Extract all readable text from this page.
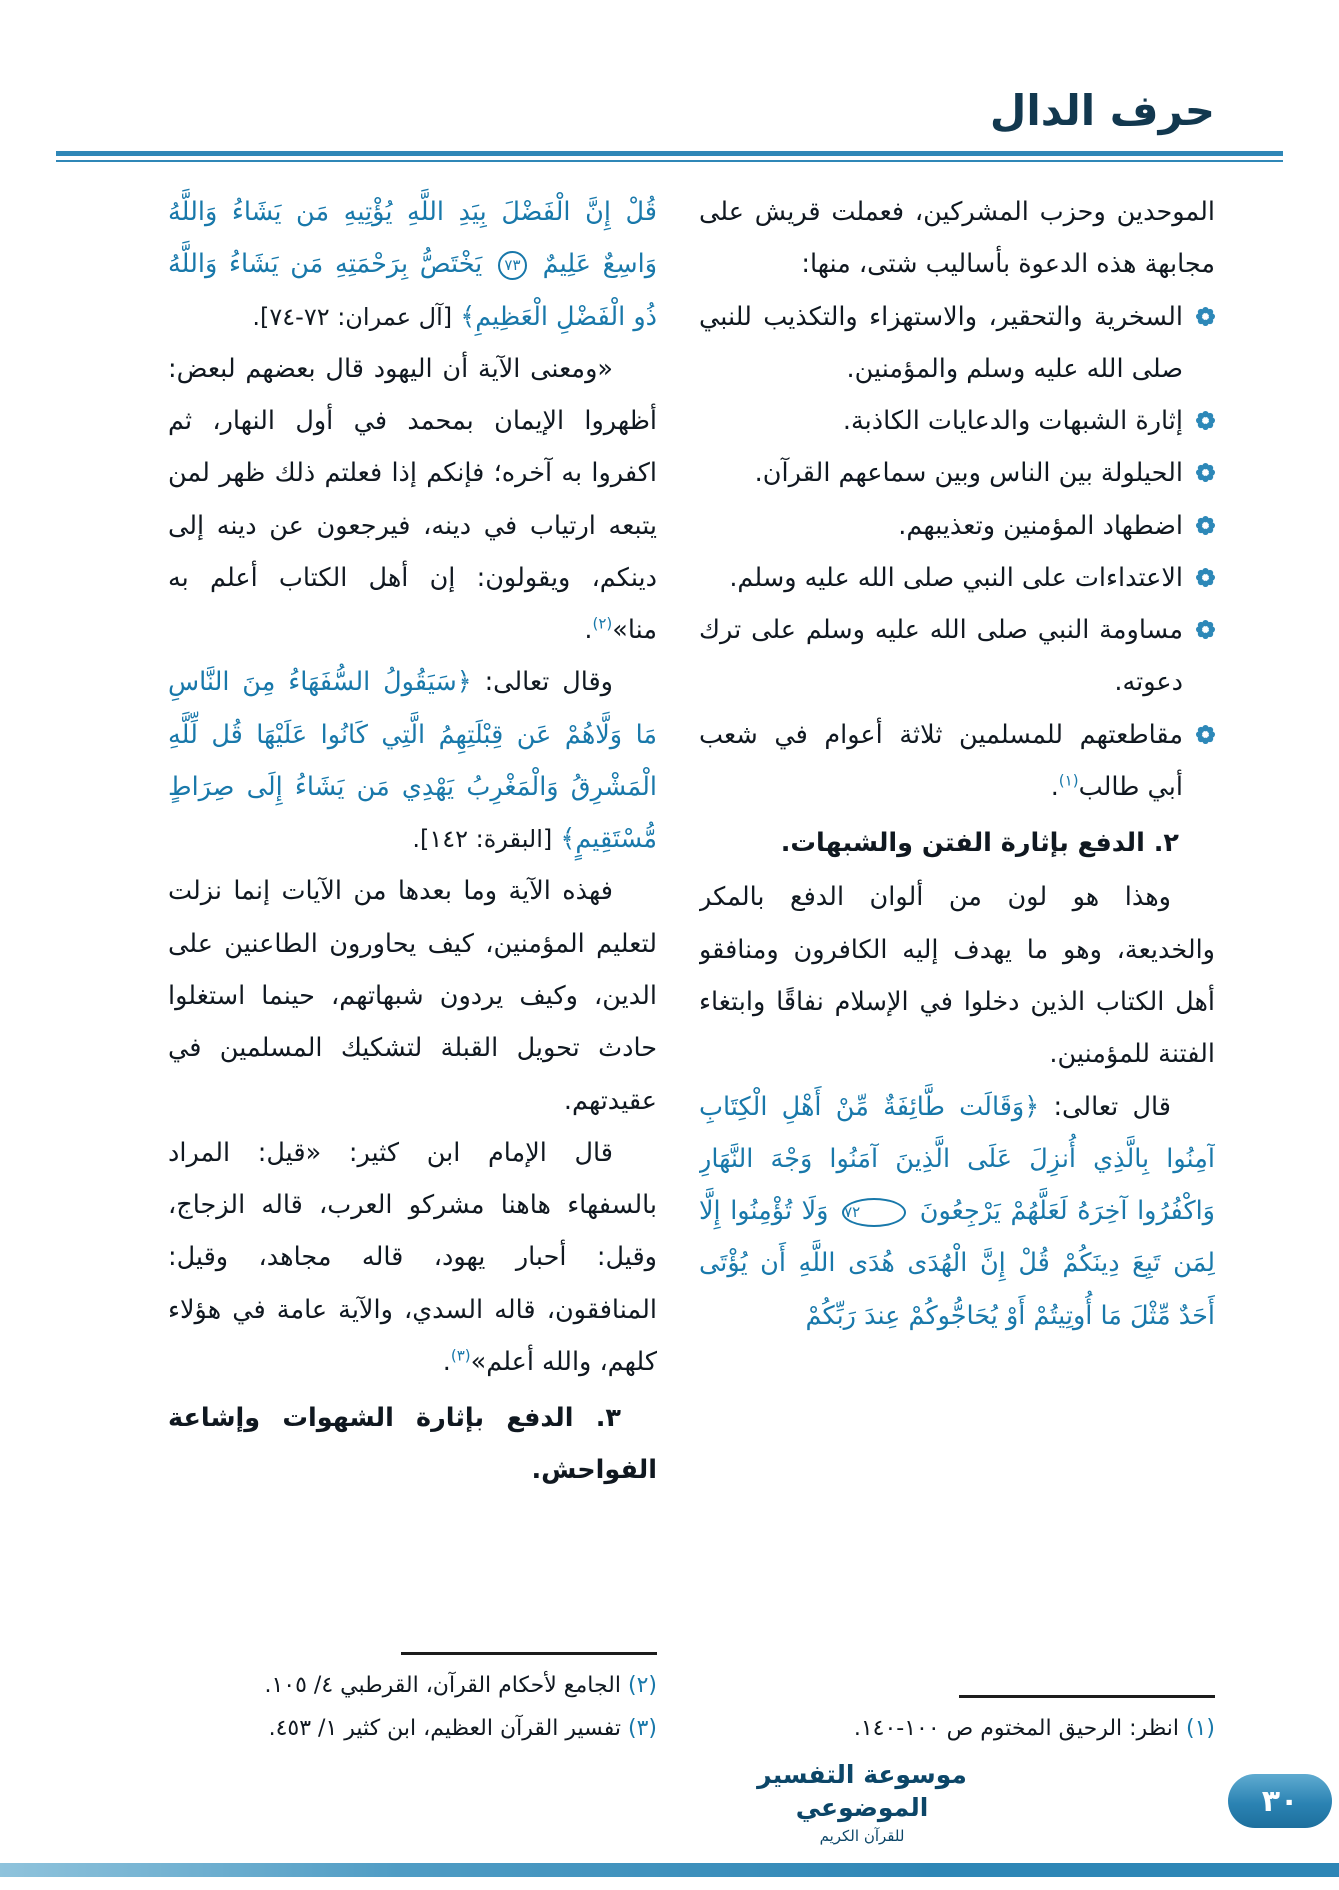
حرف الدال

الموحدين وحزب المشركين، فعملت قريش على مجابهة هذه الدعوة بأساليب شتى، منها:

السخرية والتحقير، والاستهزاء والتكذيب للنبي صلى الله عليه وسلم والمؤمنين.
إثارة الشبهات والدعايات الكاذبة.
الحيلولة بين الناس وبين سماعهم القرآن.
اضطهاد المؤمنين وتعذيبهم.
الاعتداءات على النبي صلى الله عليه وسلم.
مساومة النبي صلى الله عليه وسلم على ترك دعوته.
مقاطعتهم للمسلمين ثلاثة أعوام في شعب أبي طالب$^{(١)}$.

٢. الدفع بإثارة الفتن والشبهات.

وهذا هو لون من ألوان الدفع بالمكر والخديعة، وهو ما يهدف إليه الكافرون ومنافقو أهل الكتاب الذين دخلوا في الإسلام نفاقًا وابتغاء الفتنة للمؤمنين.

قال تعالى: ﴿وَقَالَت طَّائِفَةٌ مِّنْ أَهْلِ الْكِتَابِ آمِنُوا بِالَّذِي أُنزِلَ عَلَى الَّذِينَ آمَنُوا وَجْهَ النَّهَارِ وَاكْفُرُوا آخِرَهُ لَعَلَّهُمْ يَرْجِعُونَ ٧٢ وَلَا تُؤْمِنُوا إِلَّا لِمَن تَبِعَ دِينَكُمْ قُلْ إِنَّ الْهُدَى هُدَى اللَّهِ أَن يُؤْتَى أَحَدٌ مِّثْلَ مَا أُوتِيتُمْ أَوْ يُحَاجُّوكُمْ عِندَ رَبِّكُمْ

(١) انظر: الرحيق المختوم ص ١٠٠-١٤٠.

قُلْ إِنَّ الْفَضْلَ بِيَدِ اللَّهِ يُؤْتِيهِ مَن يَشَاءُ وَاللَّهُ وَاسِعٌ عَلِيمٌ ٧٣ يَخْتَصُّ بِرَحْمَتِهِ مَن يَشَاءُ وَاللَّهُ ذُو الْفَضْلِ الْعَظِيمِ﴾ [آل عمران: ٧٢-٧٤].

«ومعنى الآية أن اليهود قال بعضهم لبعض: أظهروا الإيمان بمحمد في أول النهار، ثم اكفروا به آخره؛ فإنكم إذا فعلتم ذلك ظهر لمن يتبعه ارتياب في دينه، فيرجعون عن دينه إلى دينكم، ويقولون: إن أهل الكتاب أعلم به منا»$^{(٢)}$.

وقال تعالى: ﴿سَيَقُولُ السُّفَهَاءُ مِنَ النَّاسِ مَا وَلَّاهُمْ عَن قِبْلَتِهِمُ الَّتِي كَانُوا عَلَيْهَا قُل لِّلَّهِ الْمَشْرِقُ وَالْمَغْرِبُ يَهْدِي مَن يَشَاءُ إِلَى صِرَاطٍ مُّسْتَقِيمٍ﴾ [البقرة: ١٤٢].

فهذه الآية وما بعدها من الآيات إنما نزلت لتعليم المؤمنين، كيف يحاورون الطاعنين على الدين، وكيف يردون شبهاتهم، حينما استغلوا حادث تحويل القبلة لتشكيك المسلمين في عقيدتهم.

قال الإمام ابن كثير: «قيل: المراد بالسفهاء هاهنا مشركو العرب، قاله الزجاج، وقيل: أحبار يهود، قاله مجاهد، وقيل: المنافقون، قاله السدي، والآية عامة في هؤلاء كلهم، والله أعلم»$^{(٣)}$.

٣. الدفع بإثارة الشهوات وإشاعة الفواحش.

(٢) الجامع لأحكام القرآن، القرطبي ٤/ ١٠٥.

(٣) تفسير القرآن العظيم، ابن كثير ١/ ٤٥٣.

موسوعة التفسير الموضوعي
للقرآن الكريم
٣٠
